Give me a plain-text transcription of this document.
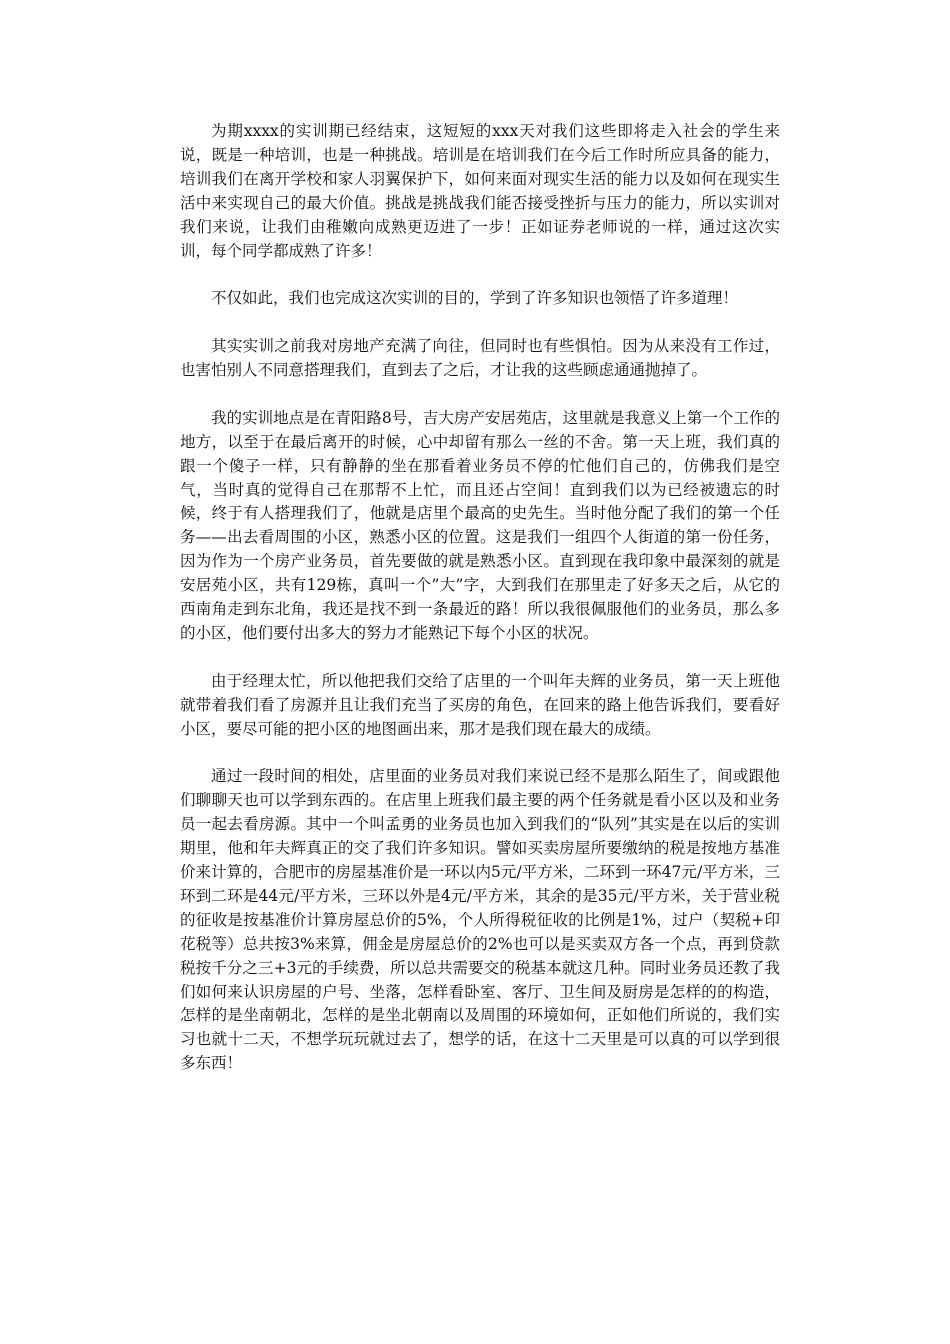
为期xxxx的实训期已经结束，这短短的xxx天对我们这些即将走入社会的学生来说，既是一种培训，也是一种挑战。培训是在培训我们在今后工作时所应具备的能力，培训我们在离开学校和家人羽翼保护下，如何来面对现实生活的能力以及如何在现实生活中来实现自己的最大价值。挑战是挑战我们能否接受挫折与压力的能力，所以实训对我们来说，让我们由稚嫩向成熟更迈进了一步！正如证券老师说的一样，通过这次实训，每个同学都成熟了许多！

不仅如此，我们也完成这次实训的目的，学到了许多知识也领悟了许多道理！

其实实训之前我对房地产充满了向往，但同时也有些惧怕。因为从来没有工作过，也害怕别人不同意搭理我们，直到去了之后，才让我的这些顾虑通通抛掉了。

我的实训地点是在青阳路8号，吉大房产安居苑店，这里就是我意义上第一个工作的地方，以至于在最后离开的时候，心中却留有那么一丝的不舍。第一天上班，我们真的跟一个傻子一样，只有静静的坐在那看着业务员不停的忙他们自己的，仿佛我们是空气，当时真的觉得自己在那帮不上忙，而且还占空间！直到我们以为已经被遗忘的时候，终于有人搭理我们了，他就是店里个最高的史先生。当时他分配了我们的第一个任务——出去看周围的小区，熟悉小区的位置。这是我们一组四个人街道的第一份任务，因为作为一个房产业务员，首先要做的就是熟悉小区。直到现在我印象中最深刻的就是安居苑小区，共有129栋，真叫一个”大”字，大到我们在那里走了好多天之后，从它的西南角走到东北角，我还是找不到一条最近的路！所以我很佩服他们的业务员，那么多的小区，他们要付出多大的努力才能熟记下每个小区的状况。

由于经理太忙，所以他把我们交给了店里的一个叫年夫辉的业务员，第一天上班他就带着我们看了房源并且让我们充当了买房的角色，在回来的路上他告诉我们，要看好小区，要尽可能的把小区的地图画出来，那才是我们现在最大的成绩。

通过一段时间的相处，店里面的业务员对我们来说已经不是那么陌生了，间或跟他们聊聊天也可以学到东西的。在店里上班我们最主要的两个任务就是看小区以及和业务员一起去看房源。其中一个叫孟勇的业务员也加入到我们的“队列”其实是在以后的实训期里，他和年夫辉真正的交了我们许多知识。譬如买卖房屋所要缴纳的税是按地方基准价来计算的，合肥市的房屋基准价是一环以内5元/平方米，二环到一环47元/平方米，三环到二环是44元/平方米，三环以外是4元/平方米，其余的是35元/平方米，关于营业税的征收是按基准价计算房屋总价的5%，个人所得税征收的比例是1%，过户（契税+印花税等）总共按3%来算，佣金是房屋总价的2%也可以是买卖双方各一个点，再到贷款税按千分之三+3元的手续费，所以总共需要交的税基本就这几种。同时业务员还教了我们如何来认识房屋的户号、坐落，怎样看卧室、客厅、卫生间及厨房是怎样的的构造，怎样的是坐南朝北，怎样的是坐北朝南以及周围的环境如何，正如他们所说的，我们实习也就十二天，不想学玩玩就过去了，想学的话，在这十二天里是可以真的可以学到很多东西！
